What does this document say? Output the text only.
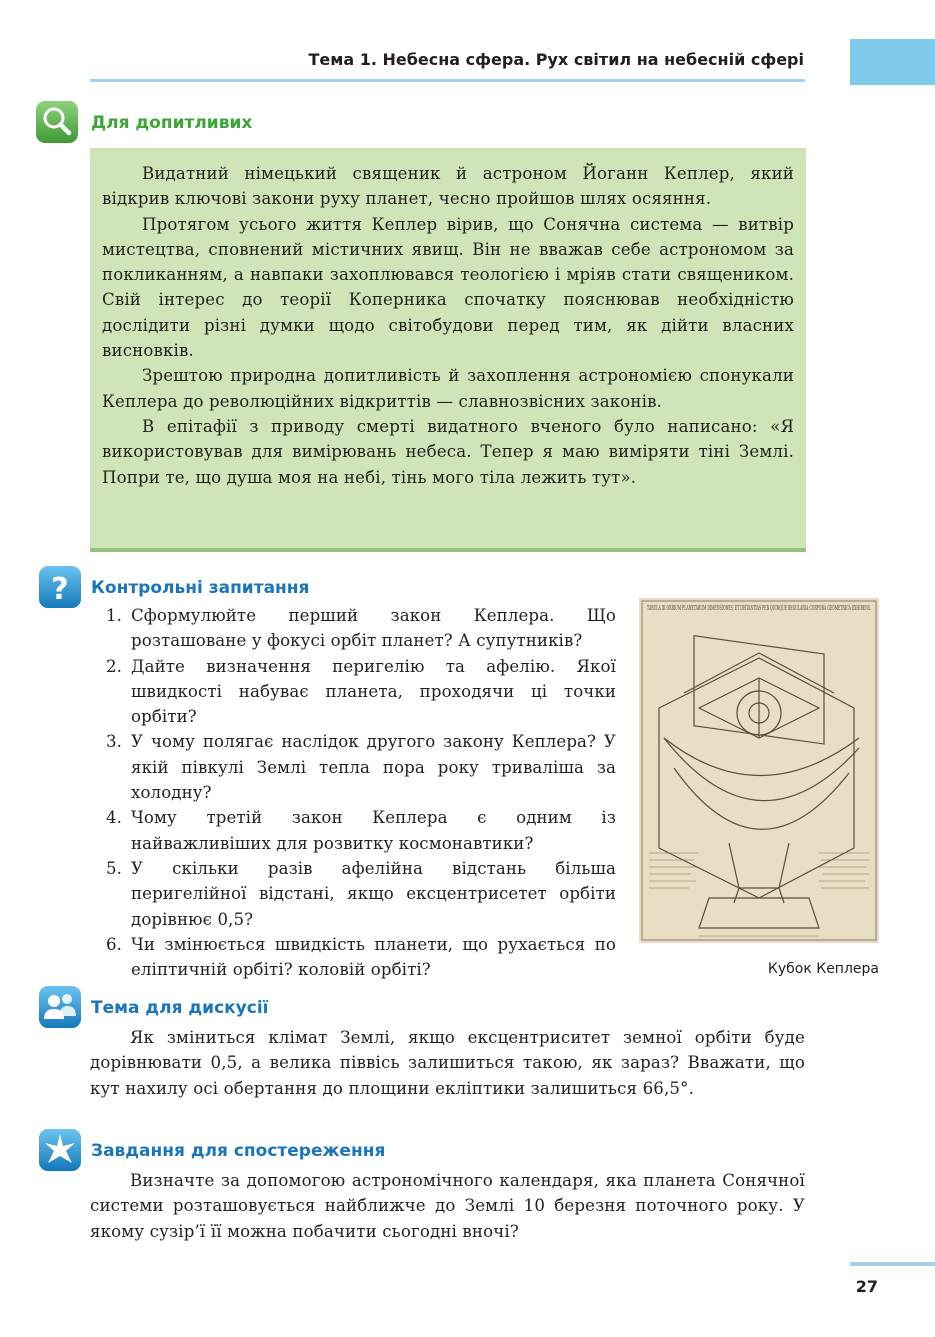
Тема 1. Небесна сфера. Рух світил на небесній сфері
Для допитливих

Видатний німецький священик й астроном Йоганн Кеплер, який відкрив ключові закони руху планет, чесно пройшов шлях осяяння.

Протягом усього життя Кеплер вірив, що Сонячна система — витвір мистецтва, сповнений містичних явищ. Він не вважав себе астрономом за покликанням, а навпаки захоплювався теологією і мріяв стати священиком. Свій інтерес до теорії Коперника спочатку пояснював необхідністю дослідити різні думки щодо світобудови перед тим, як дійти власних висновків.

Зрештою природна допитливість й захоплення астрономією спонукали Кеплера до революційних відкриттів — славнозвісних законів.

В епітафії з приводу смерті видатного вченого було написано: «Я використовував для вимірювань небеса. Тепер я маю виміряти тіні Землі. Попри те, що душа моя на небі, тінь мого тіла лежить тут».

? Контрольні запитання
1. Сформулюйте перший закон Кеплера. Що розташоване у фокусі орбіт планет? А супутників?
2. Дайте визначення перигелію та афелію. Якої швидкості набуває планета, проходячи ці точки орбіти?
3. У чому полягає наслідок другого закону Кеплера? У якій півкулі Землі тепла пора року триваліша за холодну?
4. Чому третій закон Кеплера є одним із найважливіших для розвитку космонавтики?
5. У скільки разів афелійна відстань більша перигелійної відстані, якщо ексцентрисетет орбіти дорівнює 0,5?
6. Чи змінюється швидкість планети, що рухається по еліптичній орбіті? коловій орбіті?
TABULA III ORBIUM PLANETARUM DIMENSIONES, ET DISTANTIAS PER QUINQUE REGULARIA CORPORA GEOMETRICA EXHIBENS.
Кубок Кеплера
Тема для дискусії

Як зміниться клімат Землі, якщо ексцентриситет земної орбіти буде дорівнювати 0,5, а велика піввісь залишиться такою, як зараз? Вважати, що кут нахилу осі обертання до площини екліптики залишиться 66,5°.

Завдання для спостереження

Визначте за допомогою астрономічного календаря, яка планета Сонячної системи розташовується найближче до Землі 10 березня поточного року. У якому сузір’ї її можна побачити сьогодні вночі?

27
